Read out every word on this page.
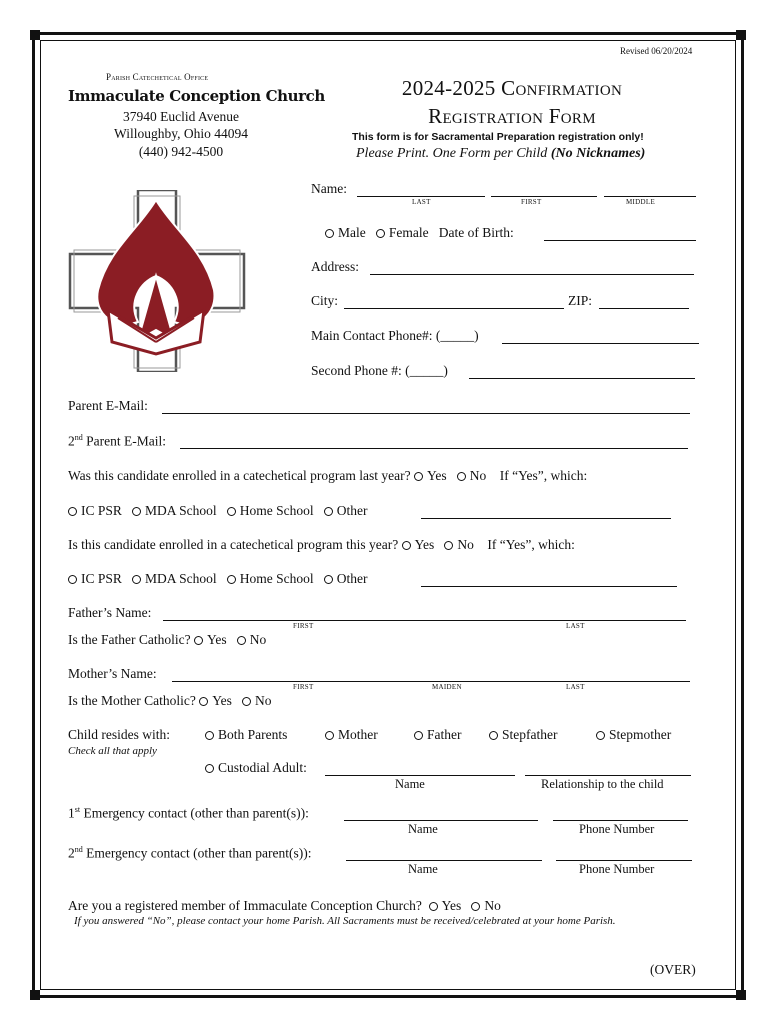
Revised 06/20/2024
Parish Catechetical Office
Immaculate Conception Church
37940 Euclid Avenue
Willoughby, Ohio 44094
(440) 942-4500
2024-2025 Confirmation
Registration Form
This form is for Sacramental Preparation registration only!
Please Print. One Form per Child (No Nicknames)
Name:
LAST	FIRST	MIDDLE
Male Female Date of Birth:
Address:
City:	ZIP:
Main Contact Phone#: (_____)
Second Phone #: (_____)
Parent E-Mail:
2nd Parent E-Mail:
Was this candidate enrolled in a catechetical program last year? Yes No If “Yes”, which:
IC PSR MDA School Home School Other
Is this candidate enrolled in a catechetical program this year? Yes No If “Yes”, which:
IC PSR MDA School Home School Other
Father’s Name:
FIRST	LAST
Is the Father Catholic? Yes No
Mother’s Name:
FIRST	MAIDEN	LAST
Is the Mother Catholic? Yes No
Child resides with:
Check all that apply
Both Parents	Mother	Father	Stepfather	Stepmother
Custodial Adult:
Name	Relationship to the child
1st Emergency contact (other than parent(s)):
Name	Phone Number
2nd Emergency contact (other than parent(s)):
Name	Phone Number
Are you a registered member of Immaculate Conception Church? Yes No
If you answered “No”, please contact your home Parish. All Sacraments must be received/celebrated at your home Parish.
(OVER)
